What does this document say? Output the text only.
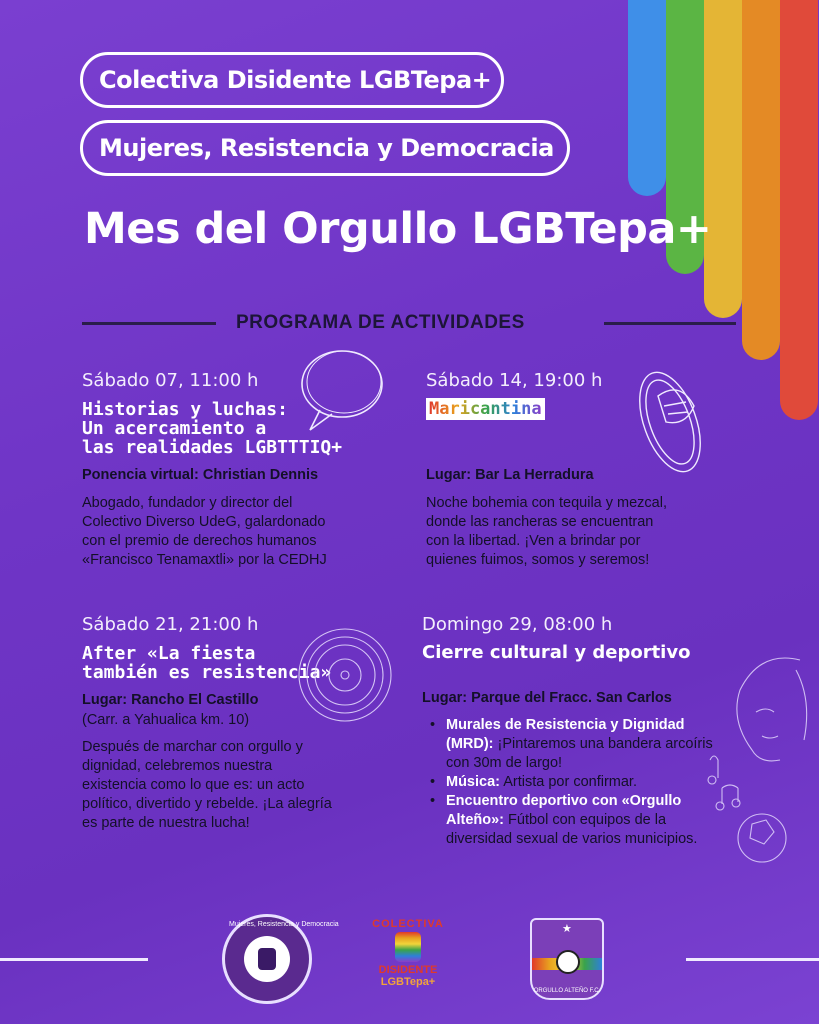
Colectiva Disidente LGBTepa+
Mujeres, Resistencia y Democracia
Mes del Orgullo LGBTepa+
PROGRAMA DE ACTIVIDADES
Sábado 07, 11:00 h
Historias y luchas:
Un acercamiento a
las realidades LGBTTTIQ+
Ponencia virtual: Christian Dennis
Abogado, fundador y director del
Colectivo Diverso UdeG, galardonado
con el premio de derechos humanos
«Francisco Tenamaxtli» por la CEDHJ
Sábado 14, 19:00 h
Maricantina
Lugar: Bar La Herradura
Noche bohemia con tequila y mezcal,
donde las rancheras se encuentran
con la libertad. ¡Ven a brindar por
quienes fuimos, somos y seremos!
Sábado 21, 21:00 h
After «La fiesta
también es resistencia»
Lugar: Rancho El Castillo
(Carr. a Yahualica km. 10)
Después de marchar con orgullo y
dignidad, celebremos nuestra
existencia como lo que es: un acto
político, divertido y rebelde. ¡La alegría
es parte de nuestra lucha!
Domingo 29, 08:00 h
Cierre cultural y deportivo
Lugar: Parque del Fracc. San Carlos
• Murales de Resistencia y Dignidad (MRD): ¡Pintaremos una bandera arcoíris con 30m de largo!
• Música: Artista por confirmar.
• Encuentro deportivo con «Orgullo Alteño»: Fútbol con equipos de la diversidad sexual de varios municipios.
Mujeres, Resistencia y Democracia	COLECTIVA
DISIDENTE
LGBTepa+
★
ORGULLO ALTEÑO F.C.
